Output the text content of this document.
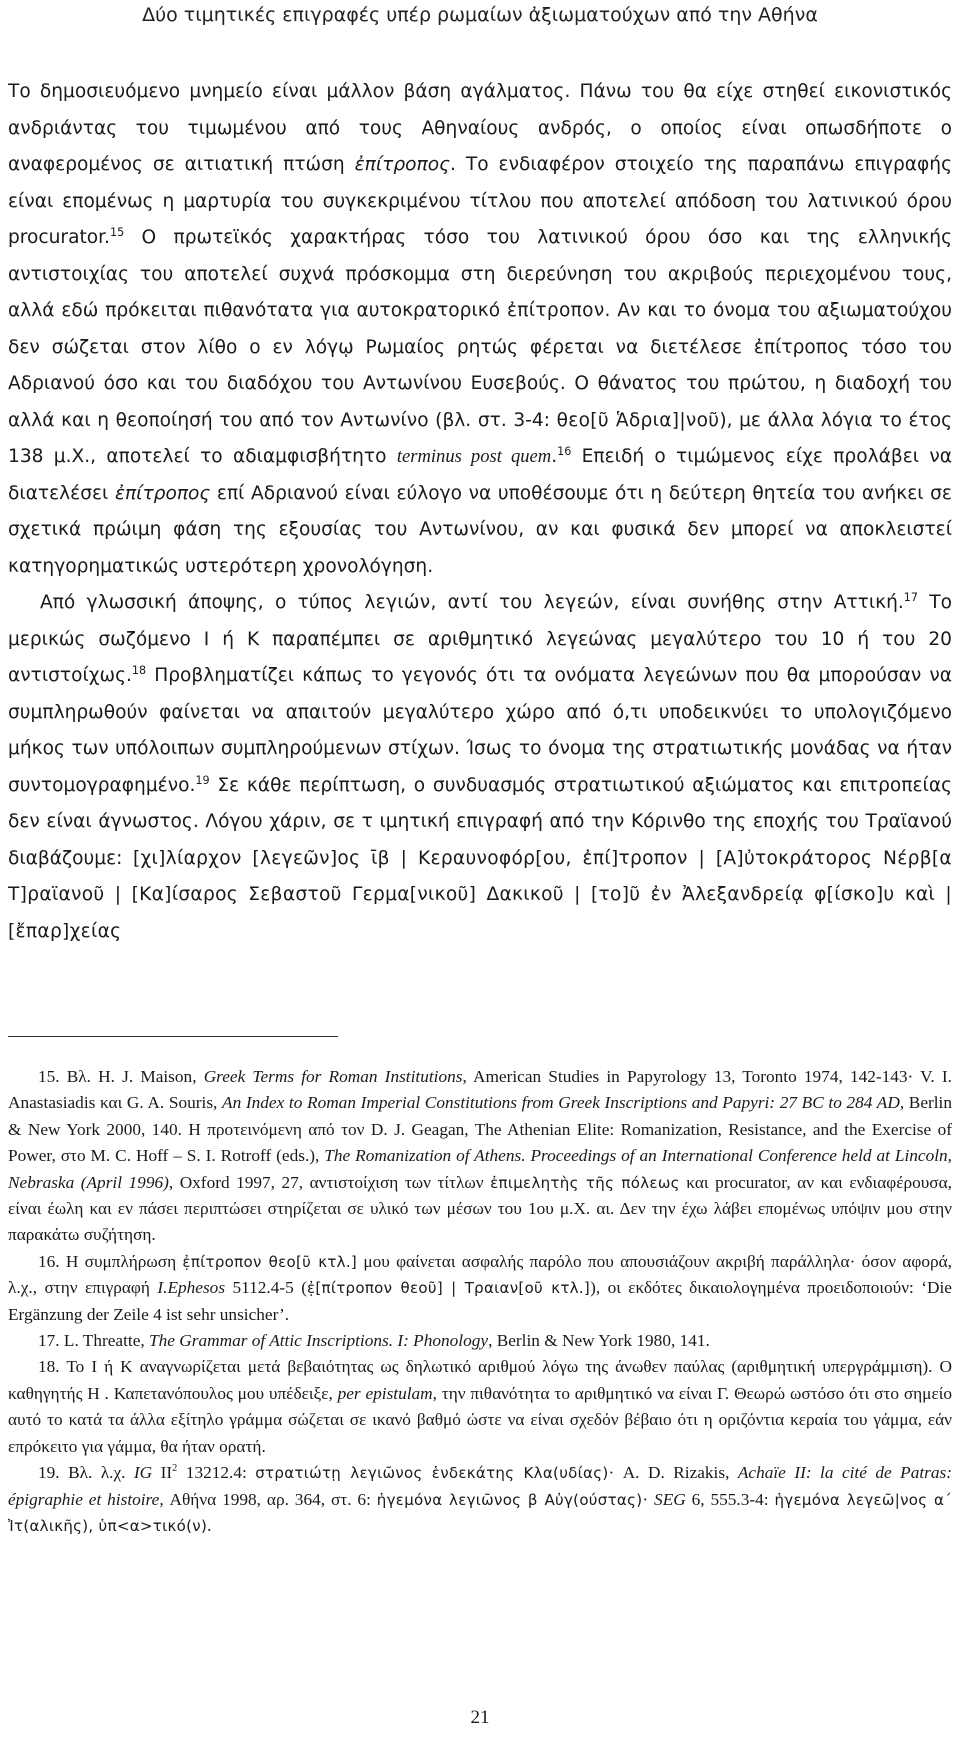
Δύο τιμητικές επιγραφές υπέρ ρωμαίων ἀξιωματούχων από την Αθήνα

Το δημοσιευόμενο μνημείο είναι μάλλον βάση αγάλματος. Πάνω του θα είχε στηθεί εικονιστικός ανδριάντας του τιμωμένου από τους Αθηναίους ανδρός, ο οποίος είναι οπωσδήποτε ο αναφερομένος σε αιτιατική πτώση ἐπίτροπος. Το ενδιαφέρον στοιχείο της παραπάνω επιγραφής είναι επομένως η μαρτυρία του συγκεκριμένου τίτλου που αποτελεί απόδοση του λατινικού όρου procurator.$^{15}$ Ο πρωτεϊκός χαρακτήρας τόσο του λατινικού όρου όσο και της ελληνικής αντιστοιχίας του αποτελεί συχνά πρόσκομμα στη διερεύνηση του ακριβούς περιεχομένου τους, αλλά εδώ πρόκειται πιθανότατα για αυτοκρατορικό ἐπίτροπον. Αν και το όνομα του αξιωματούχου δεν σώζεται στον λίθο ο εν λόγῳ Ρωμαίος ρητώς φέρεται να διετέλεσε ἐπίτροπος τόσο του Αδριανού όσο και του διαδόχου του Αντωνίνου Ευσεβούς. Ο θάνατος του πρώτου, η διαδοχή του αλλά και η θεοποίησή του από τον Αντωνίνο (βλ. στ. 3-4: θεο[ῦ Ἁδρια]|νοῦ), με άλλα λόγια το έτος 138 μ.Χ., αποτελεί το αδιαμφισβήτητο terminus post quem.$^{16}$ Επειδή ο τιμώμενος είχε προλάβει να διατελέσει ἐπίτροπος επί Αδριανού είναι εύλογο να υποθέσουμε ότι η δεύτερη θητεία του ανήκει σε σχετικά πρώιμη φάση της εξουσίας του Αντωνίνου, αν και φυσικά δεν μπορεί να αποκλειστεί κατηγορηματικώς υστερότερη χρονολόγηση.

Από γλωσσική άποψης, ο τύπος λεγιών, αντί του λεγεών, είναι συνήθης στην Αττική.$^{17}$ Το μερικώς σωζόμενο Ι ή Κ παραπέμπει σε αριθμητικό λεγεώνας μεγαλύτερο του 10 ή του 20 αντιστοίχως.$^{18}$ Προβληματίζει κάπως το γεγονός ότι τα ονόματα λεγεώνων που θα μπορούσαν να συμπληρωθούν φαίνεται να απαιτούν μεγαλύτερο χώρο από ό,τι υποδεικνύει το υπολογιζόμενο μήκος των υπόλοιπων συμπληρούμενων στίχων. Ίσως το όνομα της στρατιωτικής μονάδας να ήταν συντομογραφημένο.$^{19}$ Σε κάθε περίπτωση, ο συνδυασμός στρατιωτικού αξιώματος και επιτροπείας δεν είναι άγνωστος. Λόγου χάριν, σε τ ιμητική επιγραφή από την Κόρινθο της εποχής του Τραϊανού διαβάζουμε: [χι]λίαρχον [λεγεῶν]ος ῑβ | Κεραυνοφόρ[ου, ἐπί]τροπον | [Α]ὐτοκράτορος Νέρβ[α Τ]ραϊανοῦ | [Κα]ίσαρος Σεβαστοῦ Γερμα[νικοῦ] Δακικοῦ | [το]ῦ ἐν Ἀλεξανδρείᾳ φ[ίσκο]υ καὶ | [ἔπαρ]χείας

15. Βλ. H. J. Maison, Greek Terms for Roman Institutions, American Studies in Papyrology 13, Toronto 1974, 142-143· V. I. Anastasiadis και G. A. Souris, An Index to Roman Imperial Constitutions from Greek Inscriptions and Papyri: 27 BC to 284 AD, Berlin & New York 2000, 140. Η προτεινόμενη από τον D. J. Geagan, The Athenian Elite: Romanization, Resistance, and the Exercise of Power, στο M. C. Hoff – S. I. Rotroff (eds.), The Romanization of Athens. Proceedings of an International Conference held at Lincoln, Nebraska (April 1996), Oxford 1997, 27, αντιστοίχιση των τίτλων ἐπιμελητὴς τῆς πόλεως και procurator, αν και ενδιαφέρουσα, είναι έωλη και εν πάσει περιπτώσει στηρίζεται σε υλικό των μέσων του 1ου μ.Χ. αι. Δεν την έχω λάβει επομένως υπόψιν μου στην παρακάτω συζήτηση.

16. Η συμπλήρωση ἐ̣πίτροπον θεο[ῦ κτλ.] μου φαίνεται ασφαλής παρόλο που απουσιάζουν ακριβή παράλληλα· όσον αφορά, λ.χ., στην επιγραφή I.Ephesos 5112.4-5 (ἐ̣[πίτροπον θεοῦ] | Τραιαν[οῦ κτλ.]), οι εκδότες δικαιολογημένα προειδοποιούν: ‘Die Ergänzung der Zeile 4 ist sehr unsicher’.

17. L. Threatte, The Grammar of Attic Inscriptions. I: Phonology, Berlin & New York 1980, 141.

18. Το Ι ή Κ αναγνωρίζεται μετά βεβαιότητας ως δηλωτικό αριθμού λόγω της άνωθεν παύλας (αριθμητική υπεργράμμιση). Ο καθηγητής Η . Καπετανόπουλος μου υπέδειξε, per epistulam, την πιθανότητα το αριθμητικό να είναι Γ. Θεωρώ ωστόσο ότι στο σημείο αυτό το κατά τα άλλα εξίτηλο γράμμα σώζεται σε ικανό βαθμό ώστε να είναι σχεδόν βέβαιο ότι η οριζόντια κεραία του γάμμα, εάν επρόκειτο για γάμμα, θα ήταν ορατή.

19. Βλ. λ.χ. IG $II^2$ 13212.4: στρατιώτῃ λεγιῶνος ἑνδεκάτης Κλα(υδίας)· A. D. Rizakis, Achaïe II: la cité de Patras: épigraphie et histoire, Αθήνα 1998, αρ. 364, στ. 6: ἡγεμόνα λεγιῶνος β Αὐγ(ούστας)· SEG 6, 555.3-4: ἡγεμόνα λεγεῶ|νος α´ Ἰτ(αλικῆς), ὑπ<α>τικό(ν).

21
